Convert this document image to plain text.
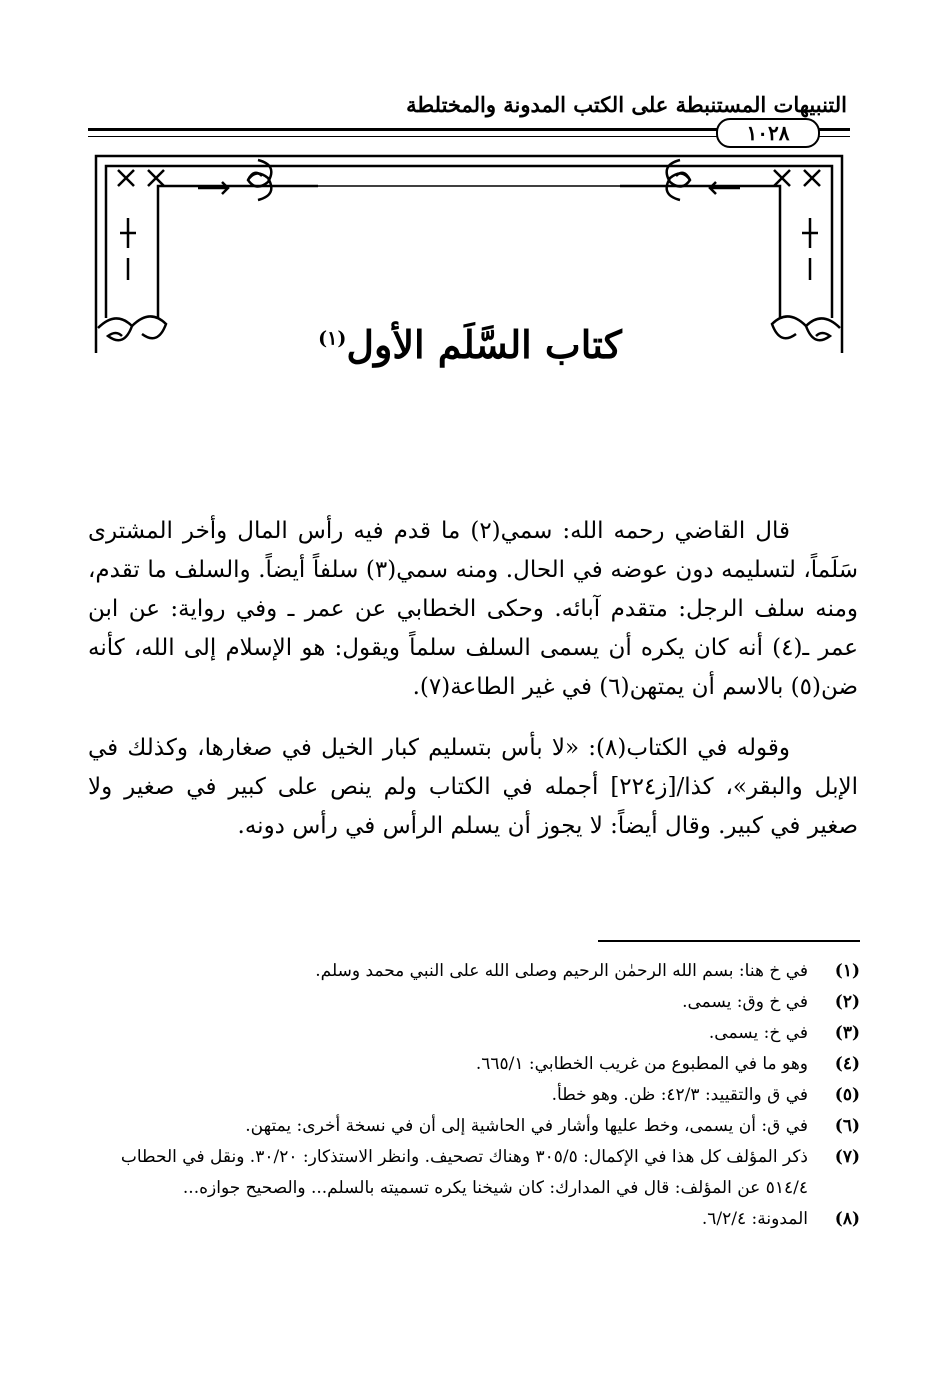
التنبيهات المستنبطة على الكتب المدونة والمختلطة
١٠٢٨
كتاب السَّلَم الأول$^{(١)}$

قال القاضي رحمه الله: سمي(٢) ما قدم فيه رأس المال وأخر المشترى سَلَماً، لتسليمه دون عوضه في الحال. ومنه سمي(٣) سلفاً أيضاً. والسلف ما تقدم، ومنه سلف الرجل: متقدم آبائه. وحكى الخطابي عن عمر ـ وفي رواية: عن ابن عمر ـ(٤) أنه كان يكره أن يسمى السلف سلماً ويقول: هو الإسلام إلى الله، كأنه ضن(٥) بالاسم أن يمتهن(٦) في غير الطاعة(٧).

وقوله في الكتاب(٨): «لا بأس بتسليم كبار الخيل في صغارها، وكذلك في الإبل والبقر»، كذا/[ز٢٢٤] أجمله في الكتاب ولم ينص على كبير في صغير ولا صغير في كبير. وقال أيضاً: لا يجوز أن يسلم الرأس في رأس دونه.

(١)
في خ هنا: بسم الله الرحمٰن الرحيم وصلى الله على النبي محمد وسلم.
(٢)
في خ وق: يسمى.
(٣)
في خ: يسمى.
(٤)
وهو ما في المطبوع من غريب الخطابي: ٦٦٥/١.
(٥)
في ق والتقييد: ٤٢/٣: ظن. وهو خطأ.
(٦)
في ق: أن يسمى، وخط عليها وأشار في الحاشية إلى أن في نسخة أخرى: يمتهن.
(٧)
ذكر المؤلف كل هذا في الإكمال: ٣٠٥/٥ وهناك تصحيف. وانظر الاستذكار: ٣٠/٢٠. ونقل في الحطاب ٥١٤/٤ عن المؤلف: قال في المدارك: كان شيخنا يكره تسميته بالسلم... والصحيح جوازه...
(٨)
المدونة: ٦/٢/٤.
